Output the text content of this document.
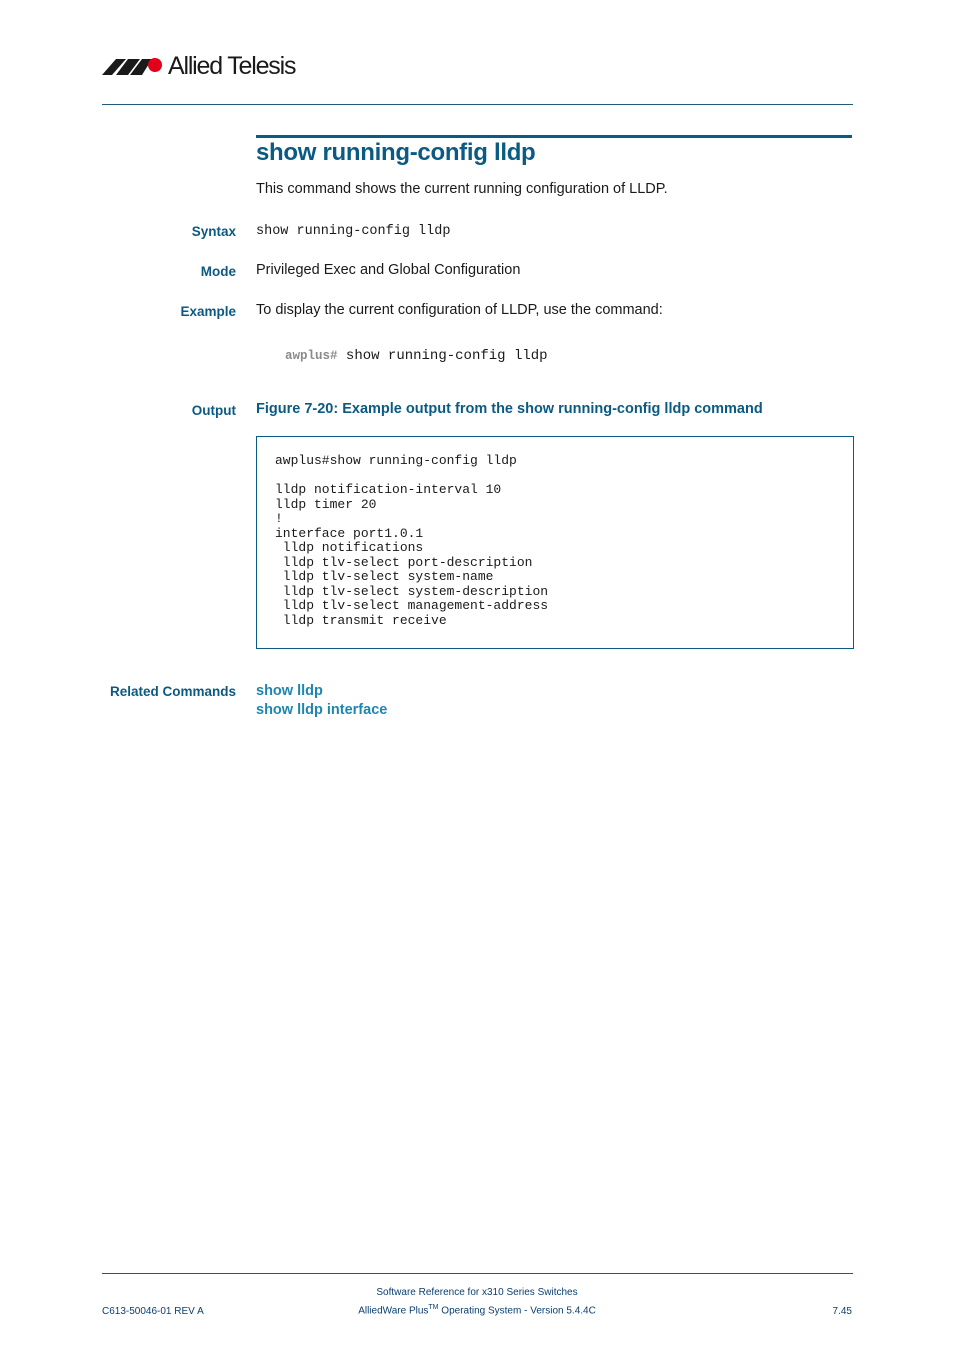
Allied Telesis
show running-config lldp
This command shows the current running configuration of LLDP.
Syntax show running-config lldp
Mode Privileged Exec and Global Configuration
Example To display the current configuration of LLDP, use the command:
awplus# show running-config lldp
Output Figure 7-20: Example output from the show running-config lldp command
awplus#show running-config lldp

lldp notification-interval 10
lldp timer 20
!
interface port1.0.1
lldp notifications
lldp tlv-select port-description
lldp tlv-select system-name
lldp tlv-select system-description
lldp tlv-select management-address
lldp transmit receive
Related Commands show lldp
show lldp interface
Software Reference for x310 Series Switches
AlliedWare Plus™ Operating System - Version 5.4.4C
C613-50046-01 REV A	7.45
